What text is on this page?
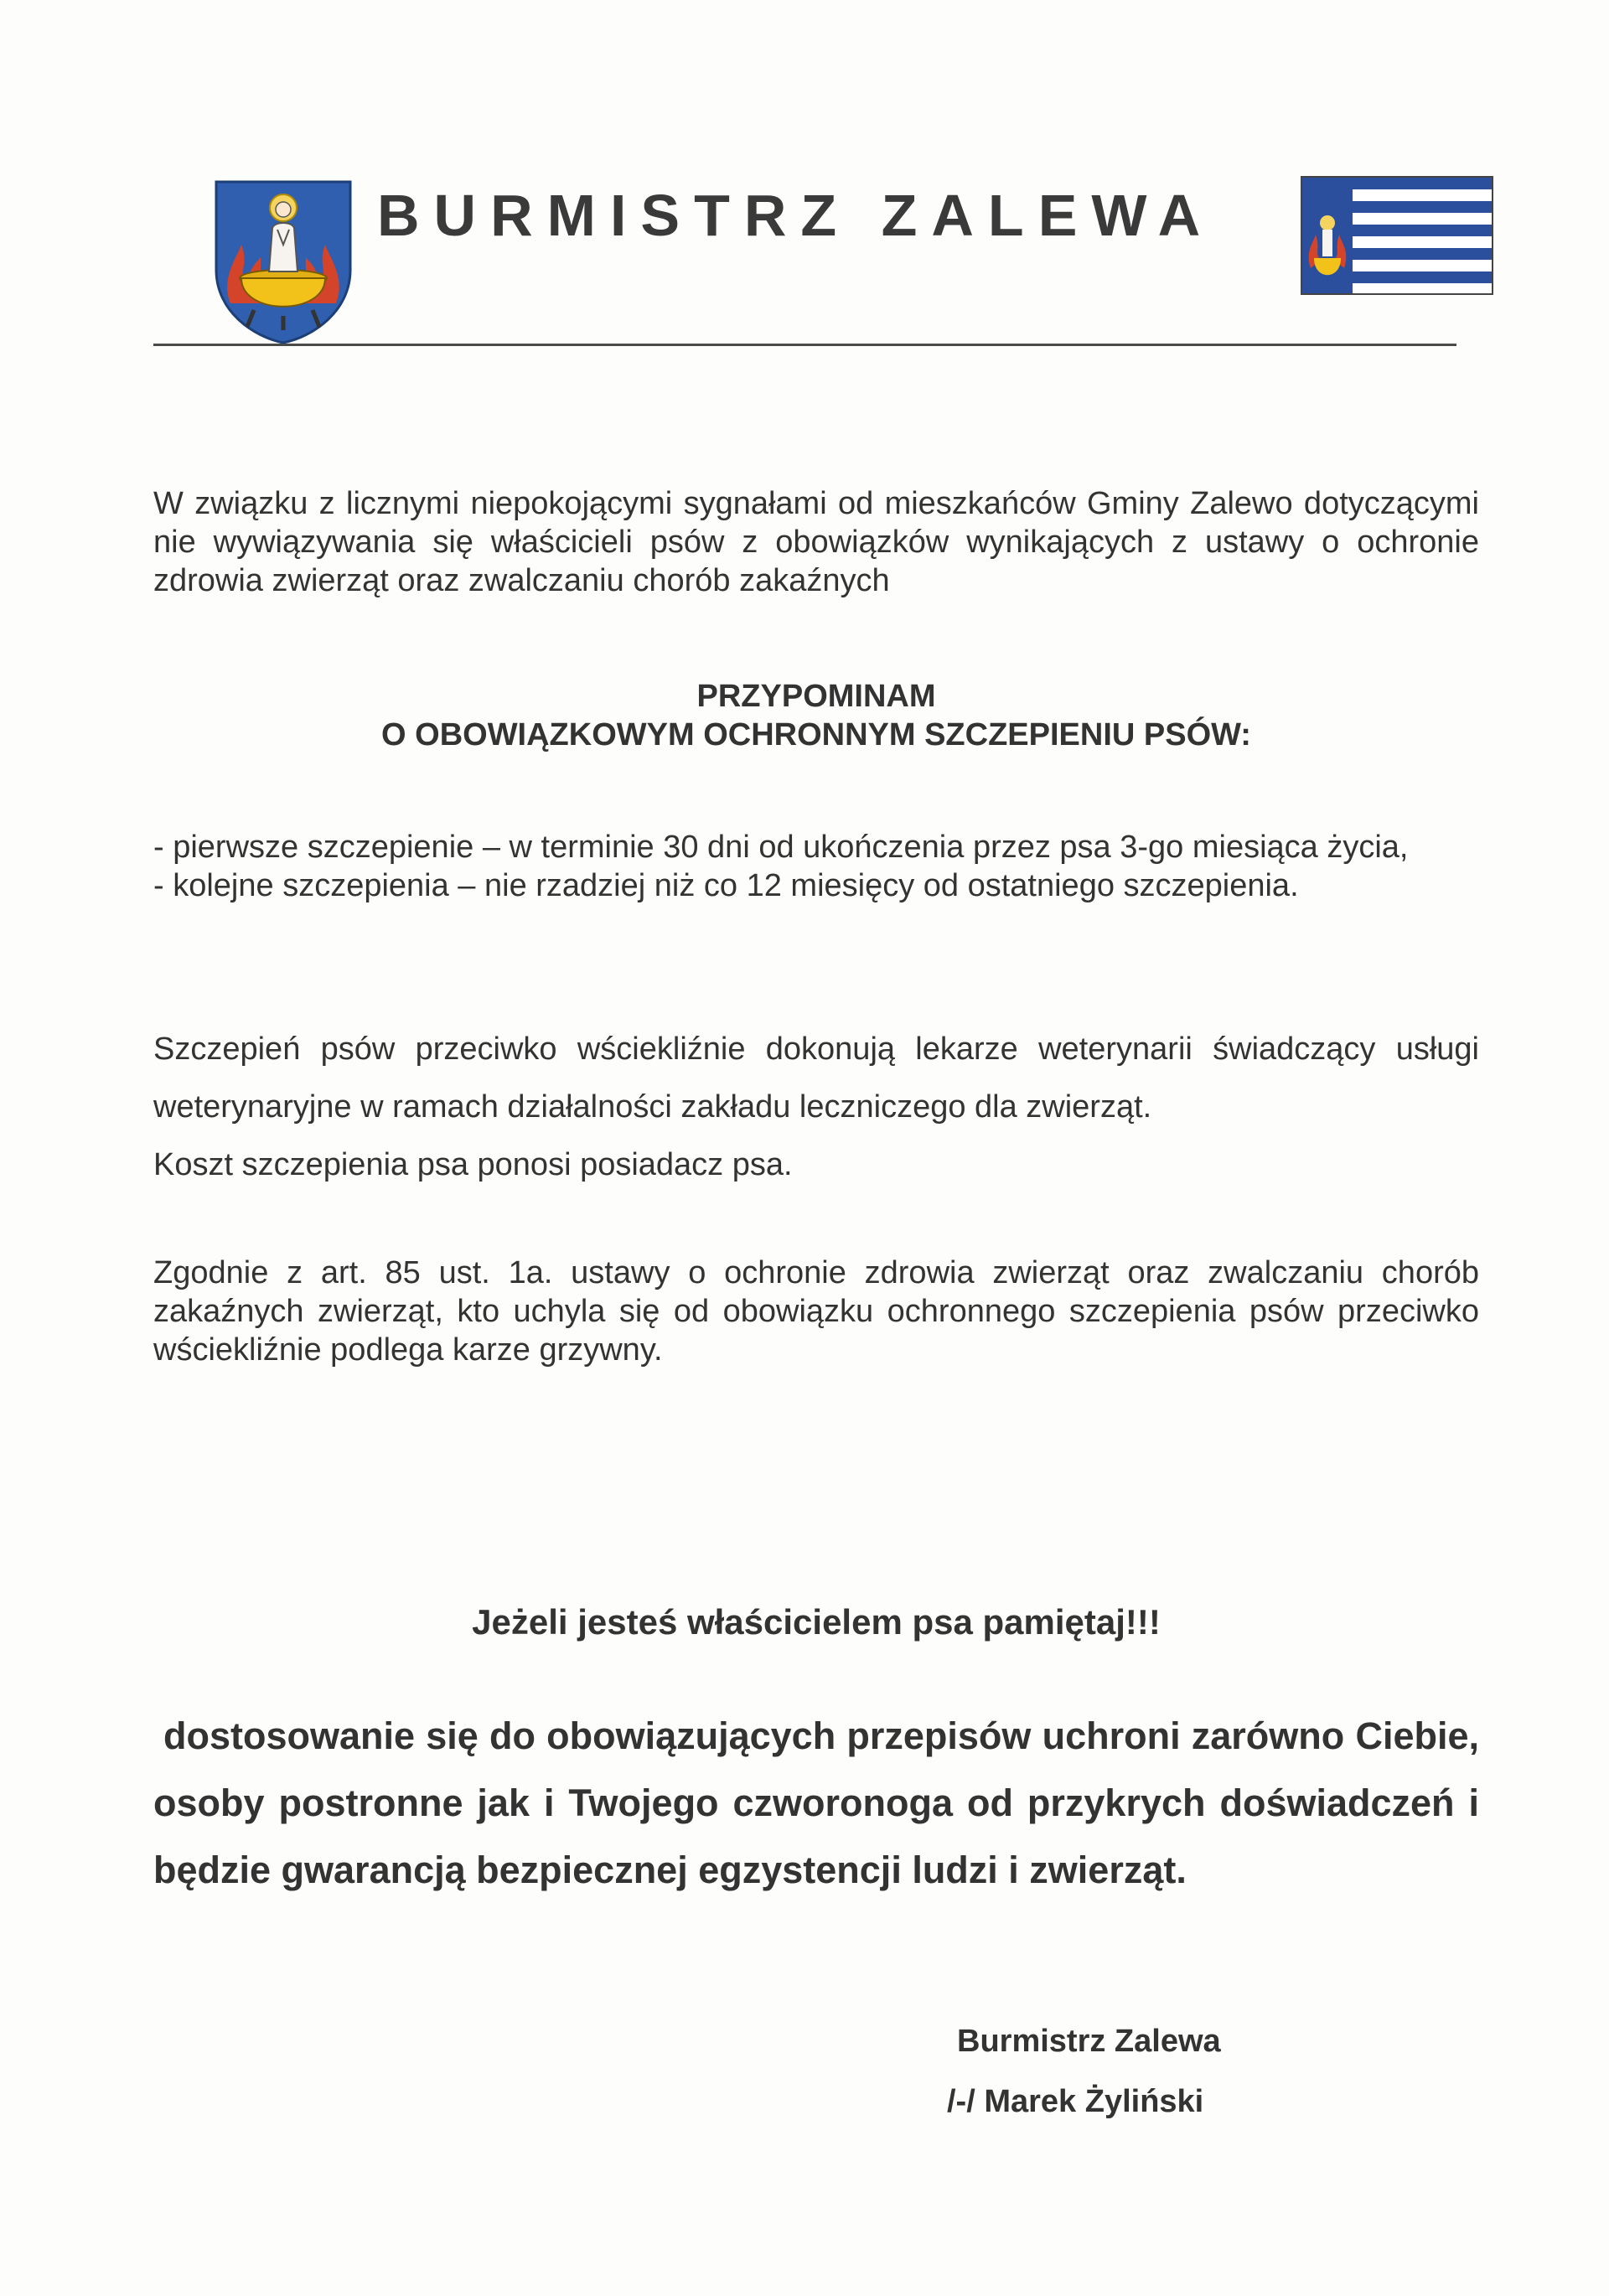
BURMISTRZ ZALEWA
W związku z licznymi niepokojącymi sygnałami od mieszkańców Gminy Zalewo dotyczącymi nie wywiązywania się właścicieli psów z obowiązków wynikających z ustawy o ochronie zdrowia zwierząt oraz zwalczaniu chorób zakaźnych
PRZYPOMINAM
O OBOWIĄZKOWYM OCHRONNYM SZCZEPIENIU PSÓW:
- pierwsze szczepienie – w terminie 30 dni od ukończenia przez psa 3-go miesiąca życia,
- kolejne szczepienia – nie rzadziej niż co 12 miesięcy od ostatniego szczepienia.
Szczepień psów przeciwko wściekliźnie dokonują lekarze weterynarii świadczący usługi weterynaryjne w ramach działalności zakładu leczniczego dla zwierząt.
Koszt szczepienia psa ponosi posiadacz psa.
Zgodnie z art. 85 ust. 1a. ustawy o ochronie zdrowia zwierząt oraz zwalczaniu chorób zakaźnych zwierząt, kto uchyla się od obowiązku ochronnego szczepienia psów przeciwko wściekliźnie podlega karze grzywny.
Jeżeli jesteś właścicielem psa pamiętaj!!!
dostosowanie się do obowiązujących przepisów uchroni zarówno Ciebie, osoby postronne jak i Twojego czworonoga od przykrych doświadczeń i będzie gwarancją bezpiecznej egzystencji ludzi i zwierząt.
Burmistrz Zalewa
/-/ Marek Żyliński
